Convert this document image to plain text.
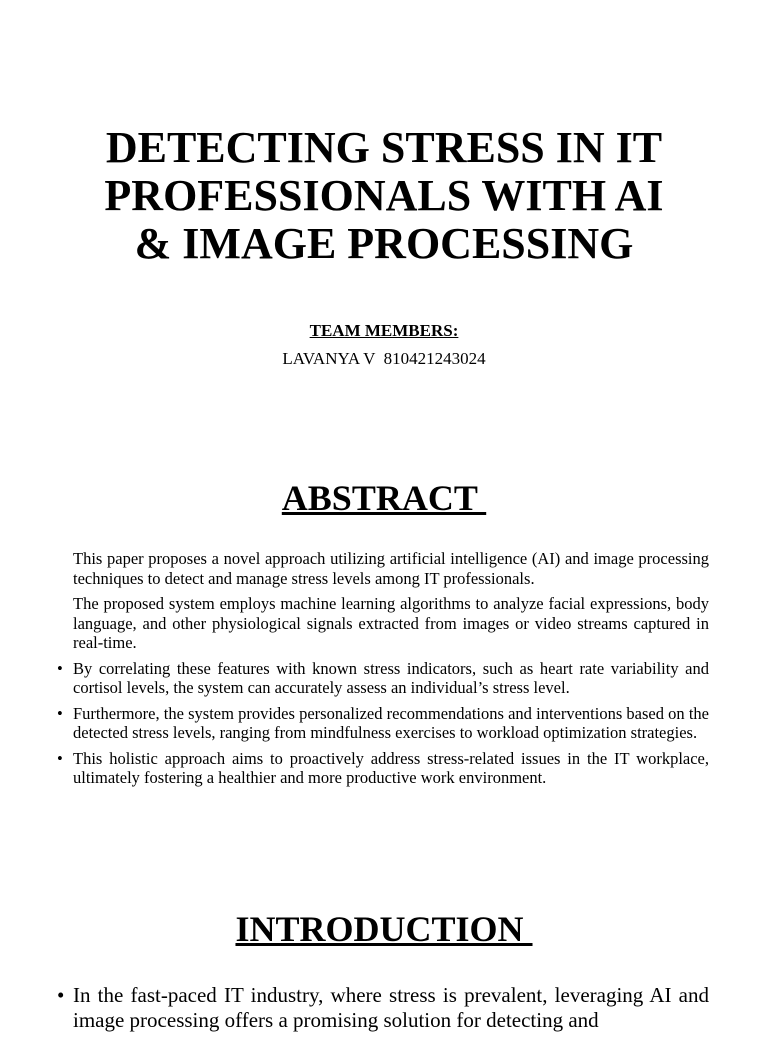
DETECTING STRESS IN IT
PROFESSIONALS WITH AI
& IMAGE PROCESSING

TEAM MEMBERS:

LAVANYA V  810421243024

ABSTRACT

This paper proposes a novel approach utilizing artificial intelligence (AI) and image processing techniques to detect and manage stress levels among IT professionals.

The proposed system employs machine learning algorithms to analyze facial expressions, body language, and other physiological signals extracted from images or video streams captured in real-time.

• By correlating these features with known stress indicators, such as heart rate variability and cortisol levels, the system can accurately assess an individual’s stress level.

• Furthermore, the system provides personalized recommendations and interventions based on the detected stress levels, ranging from mindfulness exercises to workload optimization strategies.

• This holistic approach aims to proactively address stress-related issues in the IT workplace, ultimately fostering a healthier and more productive work environment.

INTRODUCTION

• In the fast-paced IT industry, where stress is prevalent, leveraging AI and image processing offers a promising solution for detecting and
